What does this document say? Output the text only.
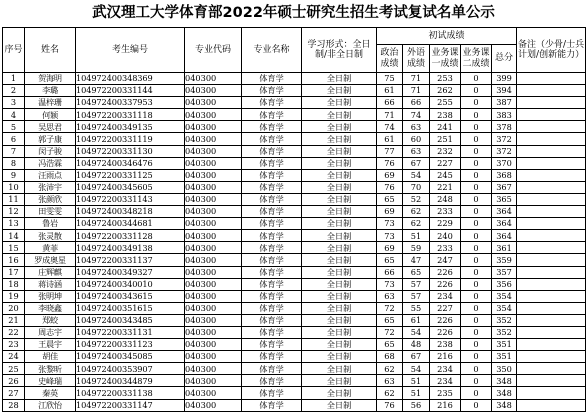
武汉理工大学体育部2022年硕士研究生招生考试复试名单公示
序号	姓名	考生编号	专业代码	专业名称	学习形式：全日制/非全日制	初试成绩					备注（少骨/士兵计划/创新能力）
						政治成绩	外语成绩	业务课一成绩	业务课二成绩	总分	
1	贺海明	104972400348369	040300	体育学	全日制	75	71	253	0	399	
2	李璐	104972200331144	040300	体育学	全日制	61	71	262	0	394	
3	温梓珊	104972400337953	040300	体育学	全日制	66	66	255	0	387	
4	何颖	104972200331118	040300	体育学	全日制	71	74	238	0	383	
5	吴思君	104972400349135	040300	体育学	全日制	74	63	241	0	378	
6	郭子康	104972200331119	040300	体育学	全日制	61	60	251	0	372	
7	闵子骏	104972200331130	040300	体育学	全日制	77	63	232	0	372	
8	冯浩霖	104972400346476	040300	体育学	全日制	76	67	227	0	370	
9	汪雨点	104972200331125	040300	体育学	全日制	69	54	245	0	368	
10	张沛宇	104972400345605	040300	体育学	全日制	76	70	221	0	367	
11	张颜欣	104972200331143	040300	体育学	全日制	65	52	248	0	365	
12	田雯雯	104972400348218	040300	体育学	全日制	69	62	233	0	364	
13	鲁岩	104972400344681	040300	体育学	全日制	73	62	229	0	364	
14	张灵散	104972200331128	040300	体育学	全日制	73	51	240	0	364	
15	黄菲	104972400349138	040300	体育学	全日制	69	59	233	0	361	
16	罗成奥星	104972200331137	040300	体育学	全日制	65	47	247	0	359	
17	庄辉麒	104972400349327	040300	体育学	全日制	66	65	226	0	357	
18	蒋诗涵	104972400340010	040300	体育学	全日制	73	57	226	0	356	
19	张明坤	104972400343615	040300	体育学	全日制	63	57	234	0	354	
20	李晓鑫	104972400351615	040300	体育学	全日制	72	55	227	0	354	
21	郑蛟	104972400343485	040300	体育学	全日制	65	61	226	0	352	
22	周志宇	104972200331131	040300	体育学	全日制	72	54	226	0	352	
23	王晨宇	104972200331123	040300	体育学	全日制	65	48	238	0	351	
24	胡佳	104972400345085	040300	体育学	全日制	68	67	216	0	351	
25	张黎昕	104972400353907	040300	体育学	全日制	62	54	234	0	350	
26	史峰瑞	104972400344879	040300	体育学	全日制	63	51	234	0	348	
27	秦英	104972200331138	040300	体育学	全日制	62	51	235	0	348	
28	江欣怡	104972200331147	040300	体育学	全日制	76	56	216	0	348	
